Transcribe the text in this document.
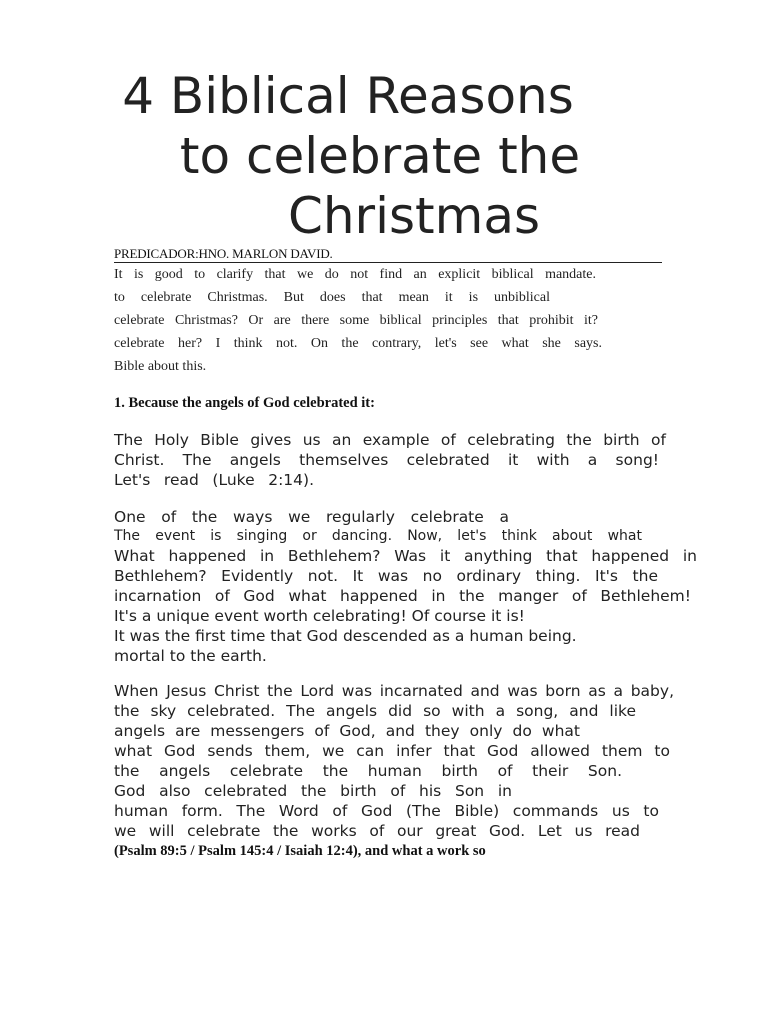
4 Biblical Reasons
to celebrate the
Christmas
PREDICADOR:HNO. MARLON DAVID.
It is good to clarify that we do not find an explicit biblical mandate.
to celebrate Christmas. But does that mean it is unbiblical
celebrate Christmas? Or are there some biblical principles that prohibit it?
celebrate her? I think not. On the contrary, let's see what she says.
Bible about this.
1. Because the angels of God celebrated it:
The Holy Bible gives us an example of celebrating the birth of
Christ. The angels themselves celebrated it with a song!
Let's read (Luke 2:14).
One of the ways we regularly celebrate a
The event is singing or dancing. Now, let's think about what
What happened in Bethlehem? Was it anything that happened in
Bethlehem? Evidently not. It was no ordinary thing. It's the
incarnation of God what happened in the manger of Bethlehem!
It's a unique event worth celebrating! Of course it is!
It was the first time that God descended as a human being.
mortal to the earth.
When Jesus Christ the Lord was incarnated and was born as a baby,
the sky celebrated. The angels did so with a song, and like
angels are messengers of God, and they only do what
what God sends them, we can infer that God allowed them to
the angels celebrate the human birth of their Son.
God also celebrated the birth of his Son in
human form. The Word of God (The Bible) commands us to
we will celebrate the works of our great God. Let us read
(Psalm 89:5 / Psalm 145:4 / Isaiah 12:4), and what a work so
